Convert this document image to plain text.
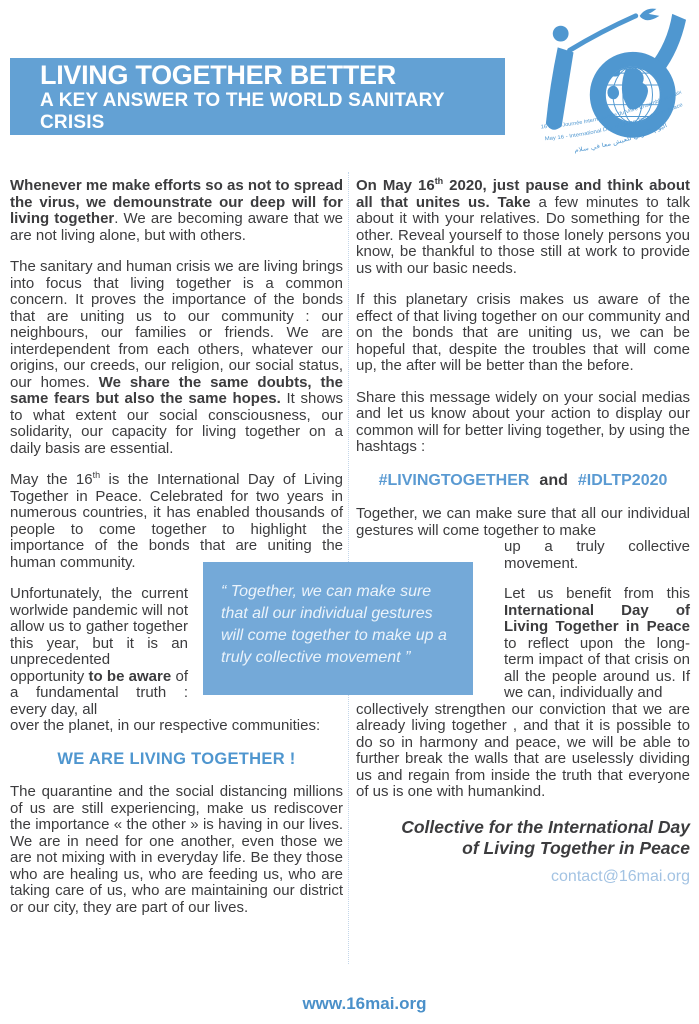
LIVING TOGETHER BETTER
A KEY ANSWER TO THE WORLD SANITARY CRISIS	16 Mai - Journée Internationale du Vivre Ensemble en Paix
May 16 - International Day of Living Together in Peace
اليوم الدولي للعيش معا في سلام

Whenever me make efforts so as not to spread the virus, we demounstrate our deep will for living together. We are becoming aware that we are not living alone, but with others.

The sanitary and human crisis we are living brings into focus that living together is a common concern. It proves the importance of the bonds that are uniting us to our community : our neighbours, our families or friends. We are interdependent from each others, whatever our origins, our creeds, our religion, our social status, our homes. We share the same doubts, the same fears but also the same hopes. It shows to what extent our social consciousness, our solidarity, our capacity for living together on a daily basis are essential.

May the 16th is the International Day of Living Together in Peace. Celebrated for two years in numerous countries, it has enabled thousands of people to come together to highlight the importance of the bonds that are uniting the human community.

Unfortunately, the current worlwide pandemic will not allow us to gather together this year, but it is an unprecedented opportunity to be aware of a fundamental truth : every day, all

over the planet, in our respective communities:

WE ARE LIVING TOGETHER !

The quarantine and the social distancing millions of us are still experiencing, make us rediscover the importance « the other » is having in our lives. We are in need for one another, even those we are not mixing with in everyday life. Be they those who are healing us, who are feeding us, who are taking care of us, who are maintaining our district or our city, they are part of our lives.

On May 16th 2020, just pause and think about all that unites us. Take a few minutes to talk about it with your relatives. Do something for the other. Reveal yourself to those lonely persons you know, be thankful to those still at work to provide us with our basic needs.

If this planetary crisis makes us aware of the effect of that living together on our community and on the bonds that are uniting us, we can be hopeful that, despite the troubles that will come up, the after will be better than the before.

Share this message widely on your social medias and let us know about your action to display our common will for better living together, by using the hashtags :

#LIVINGTOGETHER and #IDLTP2020

Together, we can make sure that all our individual gestures will come together to make

up a truly collective movement.

Let us benefit from this International Day of Living Together in Peace to reflect upon the long-term impact of that crisis on all the people around us. If we can, individually and

collectively strengthen our conviction that we are already living together , and that it is possible to do so in harmony and peace, we will be able to further break the walls that are uselessly dividing us and regain from inside the truth that everyone of us is one with humankind.

Collective for the International Day of Living Together in Peace
contact@16mai.org
“ Together, we can make sure that all our individual gestures will come together to make up a truly collective movement ”
www.16mai.org
